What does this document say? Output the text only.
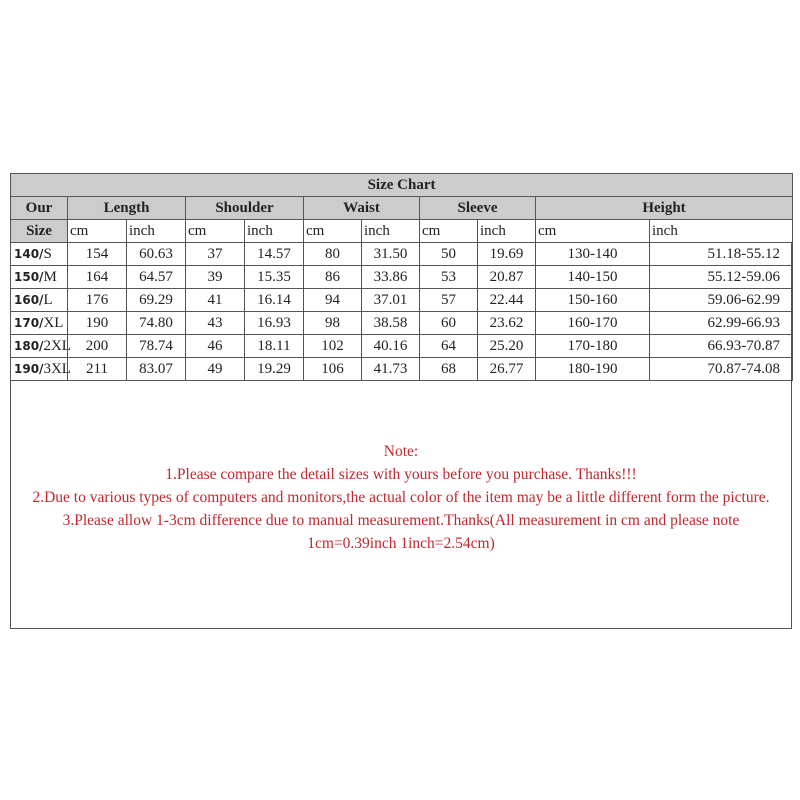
Size Chart										
Our	Length		Shoulder		Waist		Sleeve		Height	
Size	cm	inch	cm	inch	cm	inch	cm	inch	cm	inch
140/S	154	60.63	37	14.57	80	31.50	50	19.69	130-140	51.18-55.12
150/M	164	64.57	39	15.35	86	33.86	53	20.87	140-150	55.12-59.06
160/L	176	69.29	41	16.14	94	37.01	57	22.44	150-160	59.06-62.99
170/XL	190	74.80	43	16.93	98	38.58	60	23.62	160-170	62.99-66.93
180/2XL	200	78.74	46	18.11	102	40.16	64	25.20	170-180	66.93-70.87
190/3XL	211	83.07	49	19.29	106	41.73	68	26.77	180-190	70.87-74.08
Note:
1.Please compare the detail sizes with yours before you purchase. Thanks!!!
2.Due to various types of computers and monitors,the actual color of the item may be a little different form the picture.
3.Please allow 1-3cm difference due to manual measurement.Thanks(All measurement in cm and please note 1cm=0.39inch 1inch=2.54cm)
